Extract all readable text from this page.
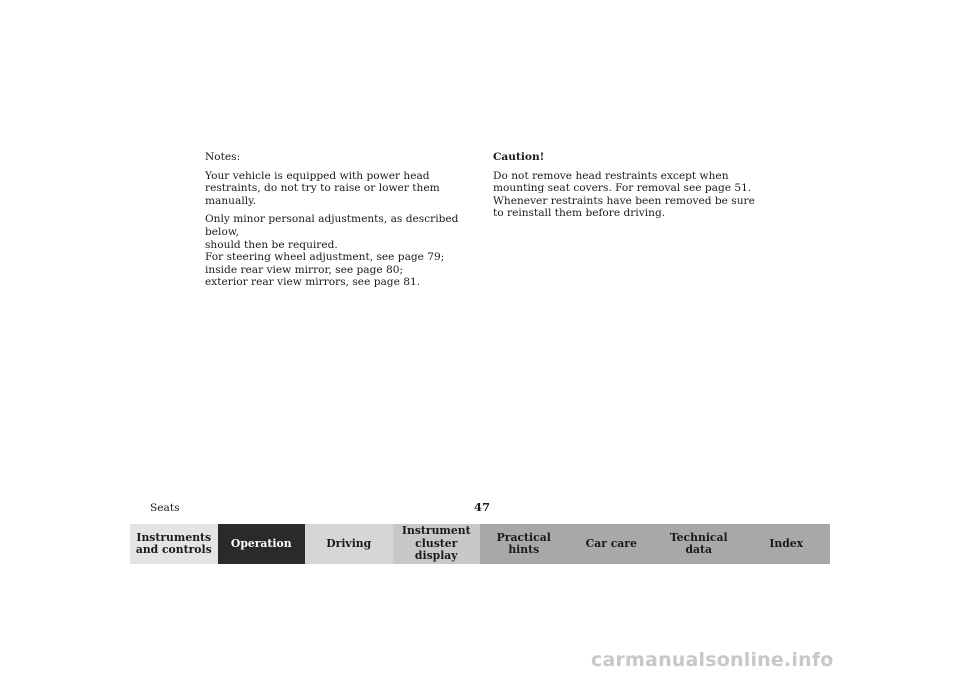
Notes:

Your vehicle is equipped with power head restraints, do not try to raise or lower them manually.

Only minor personal adjustments, as described below,
should then be required.
For steering wheel adjustment, see page 79;
inside rear view mirror, see page 80;
exterior rear view mirrors, see page 81.

Caution!

Do not remove head restraints except when mounting seat covers. For removal see page 51. Whenever restraints have been removed be sure to reinstall them before driving.

Seats	47
Instruments
and controls	Operation	Driving
Instrument
cluster display
Practical hints	Car care	Technical
data	Index
carmanualsonline.info
